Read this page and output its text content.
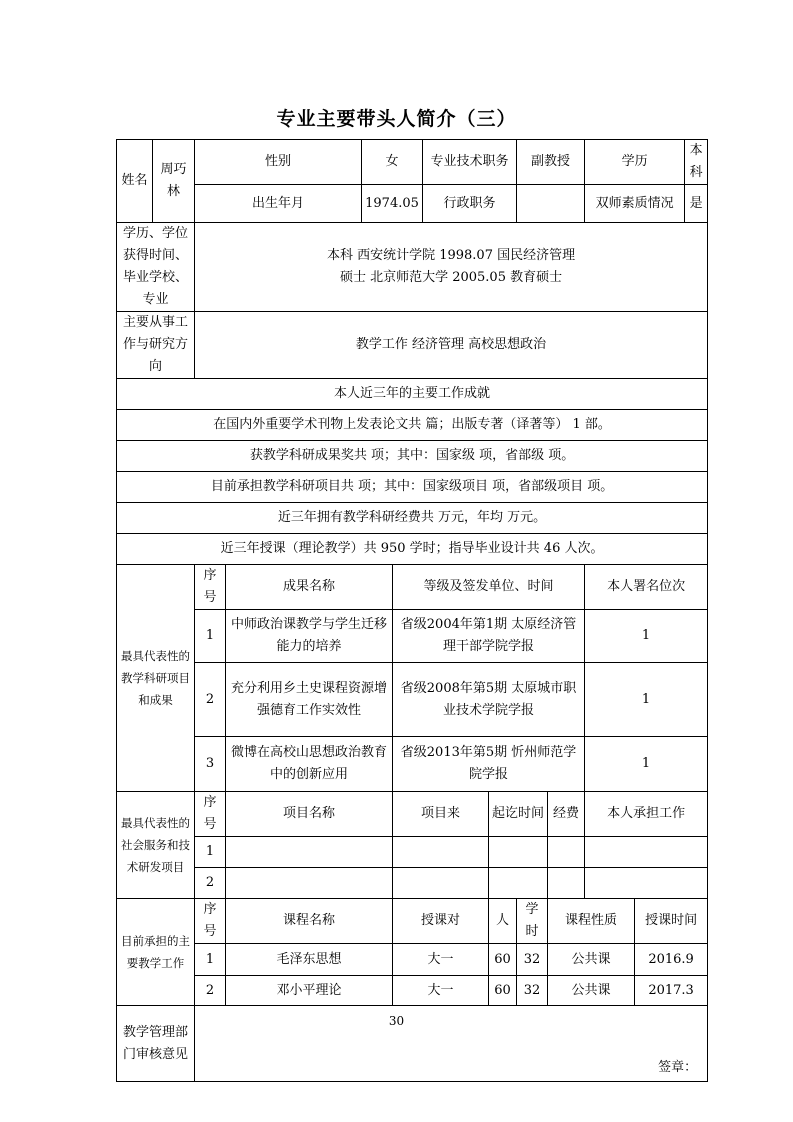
专业主要带头人简介（三）
姓名	周巧林	性别		女		专业技术职务		副教授		学历		本科
		出生年月		1974.05		行政职务				双师素质情况		是
学历、学位获得时间、毕业学校、专业		本科 西安统计学院 1998.07 国民经济管理
硕士 北京师范大学 2005.05 教育硕士										

主要从事工作与研究方向		教学工作 经济管理 高校思想政治										
本人近三年的主要工作成就												
在国内外重要学术刊物上发表论文共 篇；出版专著（译著等） 1 部。												
获教学科研成果奖共 项；其中：国家级 项，省部级 项。												
目前承担教学科研项目共 项；其中：国家级项目 项，省部级项目 项。												
近三年拥有教学科研经费共 万元，年均 万元。												
近三年授课（理论教学）共 950 学时；指导毕业设计共 46 人次。												
最具代表性的教学科研项目和成果		序号	成果名称		等级及签发单位、时间					本人署名位次		
		1	中师政治课教学与学生迁移能力的培养		省级2004年第1期 太原经济管理干部学院学报					1		
		2	充分利用乡土史课程资源增强德育工作实效性		省级2008年第5期 太原城市职业技术学院学报					1		
		3	微博在高校山思想政治教育中的创新应用		省级2013年第5期 忻州师范学院学报					1		
最具代表性的社会服务和技术研发项目		序号	项目名称		项目来		起讫时间		经费	本人承担工作		
		1										
		2										
目前承担的主要教学工作		序号	课程名称		授课对		人	学时	课程性质		授课时间	
		1	毛泽东思想		大一		60	32	公共课		2016.9	
		2	邓小平理论		大一		60	32	公共课		2017.3	
教学管理部门审核意见		签章：										
30
